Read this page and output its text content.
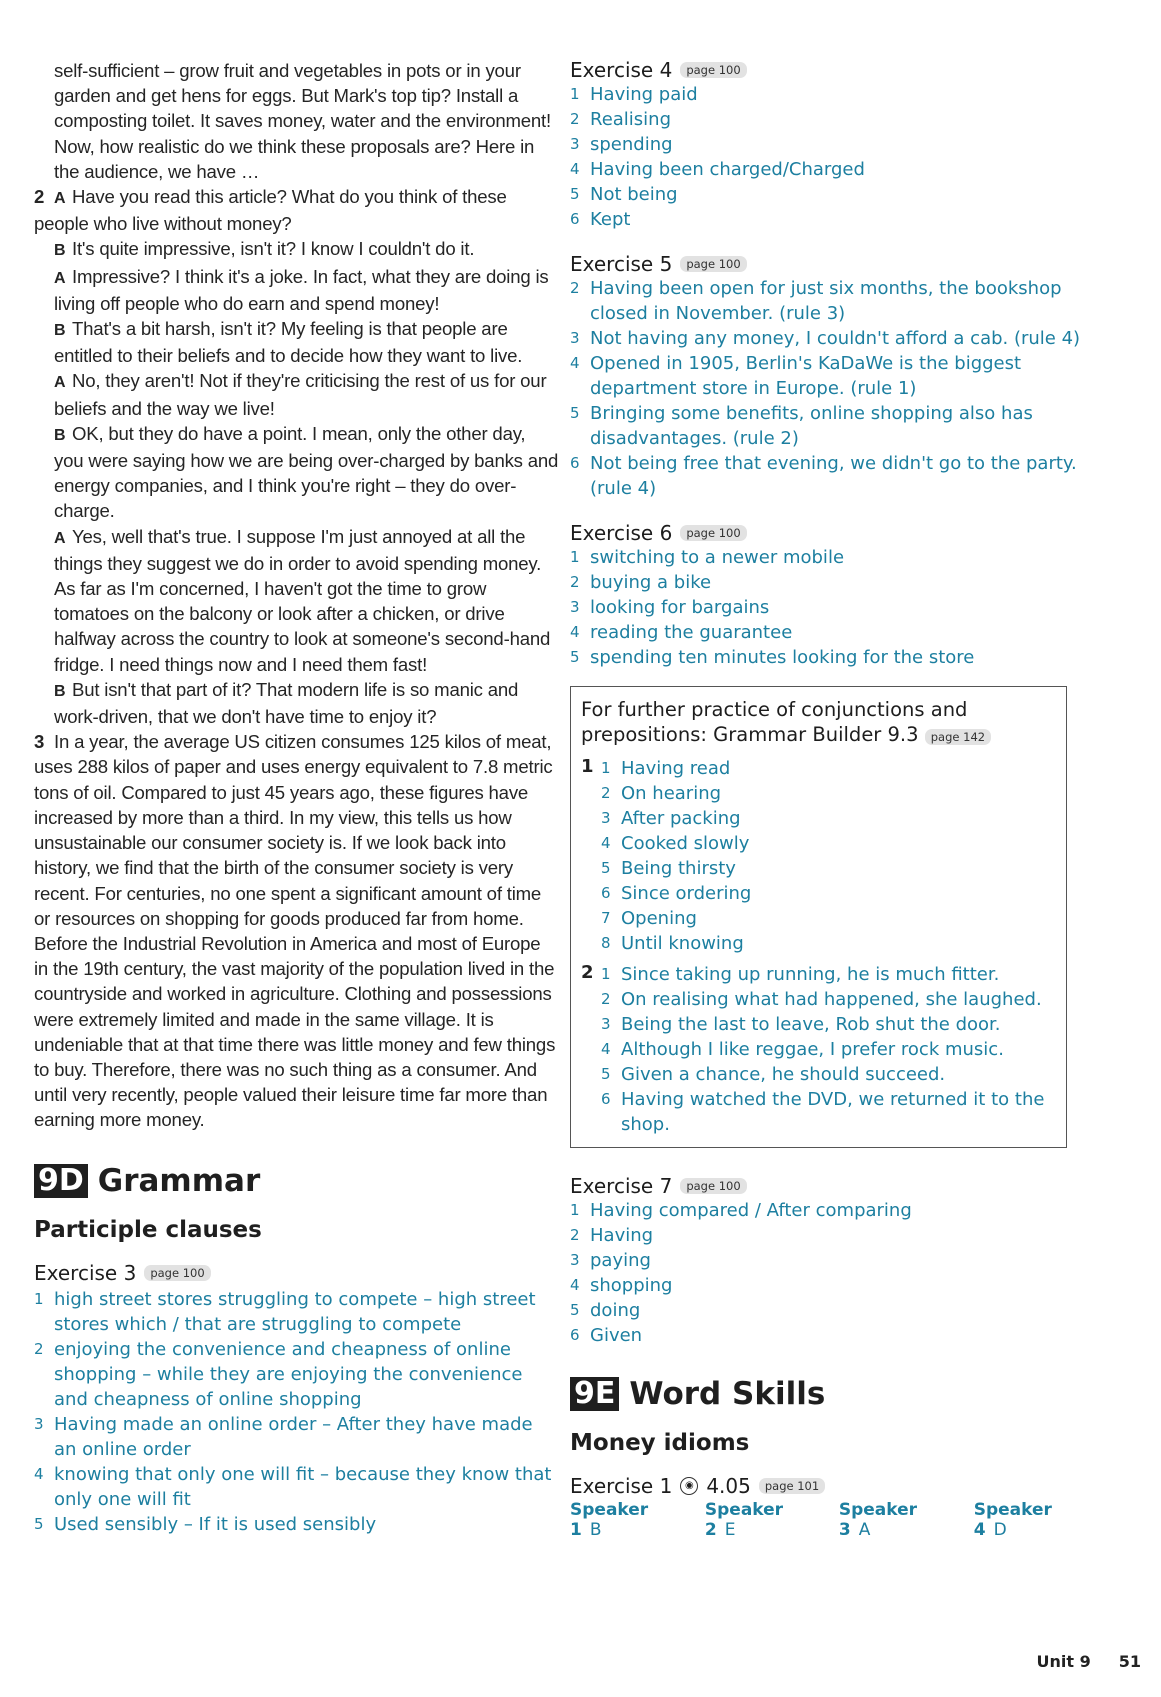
self-sufficient – grow fruit and vegetables in pots or in your garden and get hens for eggs. But Mark's top tip? Install a composting toilet. It saves money, water and the environment! Now, how realistic do we think these proposals are? Here in the audience, we have …

2 A Have you read this article? What do you think of these people who live without money?

B It's quite impressive, isn't it? I know I couldn't do it.

A Impressive? I think it's a joke. In fact, what they are doing is living off people who do earn and spend money!

B That's a bit harsh, isn't it? My feeling is that people are entitled to their beliefs and to decide how they want to live.

A No, they aren't! Not if they're criticising the rest of us for our beliefs and the way we live!

B OK, but they do have a point. I mean, only the other day, you were saying how we are being over-charged by banks and energy companies, and I think you're right – they do over-charge.

A Yes, well that's true. I suppose I'm just annoyed at all the things they suggest we do in order to avoid spending money. As far as I'm concerned, I haven't got the time to grow tomatoes on the balcony or look after a chicken, or drive halfway across the country to look at someone's second-hand fridge. I need things now and I need them fast!

B But isn't that part of it? That modern life is so manic and work-driven, that we don't have time to enjoy it?

3 In a year, the average US citizen consumes 125 kilos of meat, uses 288 kilos of paper and uses energy equivalent to 7.8 metric tons of oil. Compared to just 45 years ago, these figures have increased by more than a third. In my view, this tells us how unsustainable our consumer society is. If we look back into history, we find that the birth of the consumer society is very recent. For centuries, no one spent a significant amount of time or resources on shopping for goods produced far from home. Before the Industrial Revolution in America and most of Europe in the 19th century, the vast majority of the population lived in the countryside and worked in agriculture. Clothing and possessions were extremely limited and made in the same village. It is undeniable that at that time there was little money and few things to buy. Therefore, there was no such thing as a consumer. And until very recently, people valued their leisure time far more than earning more money.

9D Grammar
Participle clauses
Exercise 3	page 100
1 high street stores struggling to compete – high street stores which / that are struggling to compete
2 enjoying the convenience and cheapness of online shopping – while they are enjoying the convenience and cheapness of online shopping
3 Having made an online order – After they have made an online order
4 knowing that only one will fit – because they know that only one will fit
5 Used sensibly – If it is used sensibly
Exercise 4	page 100
1 Having paid
2 Realising
3 spending
4 Having been charged/Charged
5 Not being
6 Kept
Exercise 5	page 100
2 Having been open for just six months, the bookshop closed in November. (rule 3)
3 Not having any money, I couldn't afford a cab. (rule 4)
4 Opened in 1905, Berlin's KaDaWe is the biggest department store in Europe. (rule 1)
5 Bringing some benefits, online shopping also has disadvantages. (rule 2)
6 Not being free that evening, we didn't go to the party. (rule 4)
Exercise 6	page 100
1 switching to a newer mobile
2 buying a bike
3 looking for bargains
4 reading the guarantee
5 spending ten minutes looking for the store
For further practice of conjunctions and prepositions: Grammar Builder 9.3 page 142
1 1 Having read
2 On hearing
3 After packing
4 Cooked slowly
5 Being thirsty
6 Since ordering
7 Opening
8 Until knowing
2 1 Since taking up running, he is much fitter.
2 On realising what had happened, she laughed.
3 Being the last to leave, Rob shut the door.
4 Although I like reggae, I prefer rock music.
5 Given a chance, he should succeed.
6 Having watched the DVD, we returned it to the shop.
Exercise 7	page 100
1 Having compared / After comparing
2 Having
3 paying
4 shopping
5 doing
6 Given
9E Word Skills
Money idioms
Exercise 1	◉ 4.05	page 101
Speaker 1 B
Speaker 2 E
Speaker 3 A
Speaker 4 D
Unit 9 51
